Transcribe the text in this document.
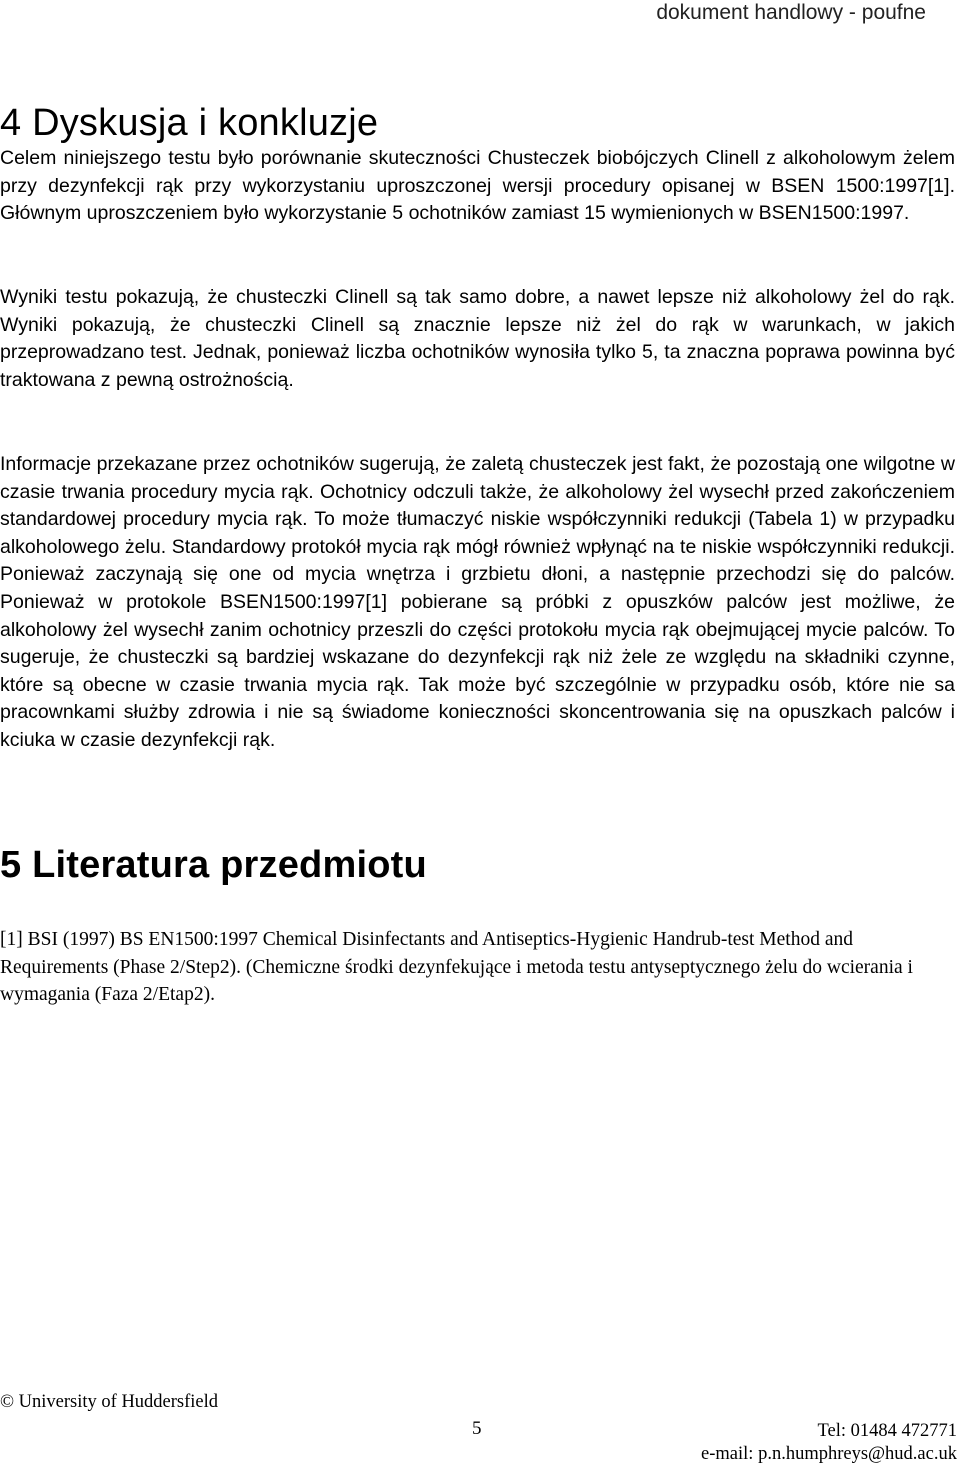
dokument handlowy - poufne
4 Dyskusja i konkluzje

Celem niniejszego testu było porównanie skuteczności Chusteczek biobójczych Clinell z alkoholowym żelem przy dezynfekcji rąk przy wykorzystaniu uproszczonej wersji procedury opisanej w BSEN 1500:1997[1]. Głównym uproszczeniem było wykorzystanie 5 ochotników zamiast 15 wymienionych w BSEN1500:1997.

Wyniki testu pokazują, że chusteczki Clinell są tak samo dobre, a nawet lepsze niż alkoholowy żel do rąk. Wyniki pokazują, że chusteczki Clinell są znacznie lepsze niż żel do rąk w warunkach, w jakich przeprowadzano test. Jednak, ponieważ liczba ochotników wynosiła tylko 5, ta znaczna poprawa powinna być traktowana z pewną ostrożnością.

Informacje przekazane przez ochotników sugerują, że zaletą chusteczek jest fakt, że pozostają one wilgotne w czasie trwania procedury mycia rąk. Ochotnicy odczuli także, że alkoholowy żel wysechł przed zakończeniem standardowej procedury mycia rąk. To może tłumaczyć niskie współczynniki redukcji (Tabela 1) w przypadku alkoholowego żelu. Standardowy protokół mycia rąk mógł również wpłynąć na te niskie współczynniki redukcji. Ponieważ zaczynają się one od mycia wnętrza i grzbietu dłoni, a następnie przechodzi się do palców. Ponieważ w protokole BSEN1500:1997[1] pobierane są próbki z opuszków palców jest możliwe, że alkoholowy żel wysechł zanim ochotnicy przeszli do części protokołu mycia rąk obejmującej mycie palców. To sugeruje, że chusteczki są bardziej wskazane do dezynfekcji rąk niż żele ze względu na składniki czynne, które są obecne w czasie trwania mycia rąk. Tak może być szczególnie w przypadku osób, które nie sa pracownkami służby zdrowia i nie są świadome konieczności skoncentrowania się na opuszkach palców i kciuka w czasie dezynfekcji rąk.

5 Literatura przedmiotu

[1] BSI (1997) BS EN1500:1997 Chemical Disinfectants and Antiseptics-Hygienic Handrub-test Method and Requirements (Phase 2/Step2). (Chemiczne środki dezynfekujące i metoda testu antyseptycznego żelu do wcierania i wymagania (Faza 2/Etap2).

© University of Huddersfield
5	Tel: 01484 472771
e-mail: p.n.humphreys@hud.ac.uk
